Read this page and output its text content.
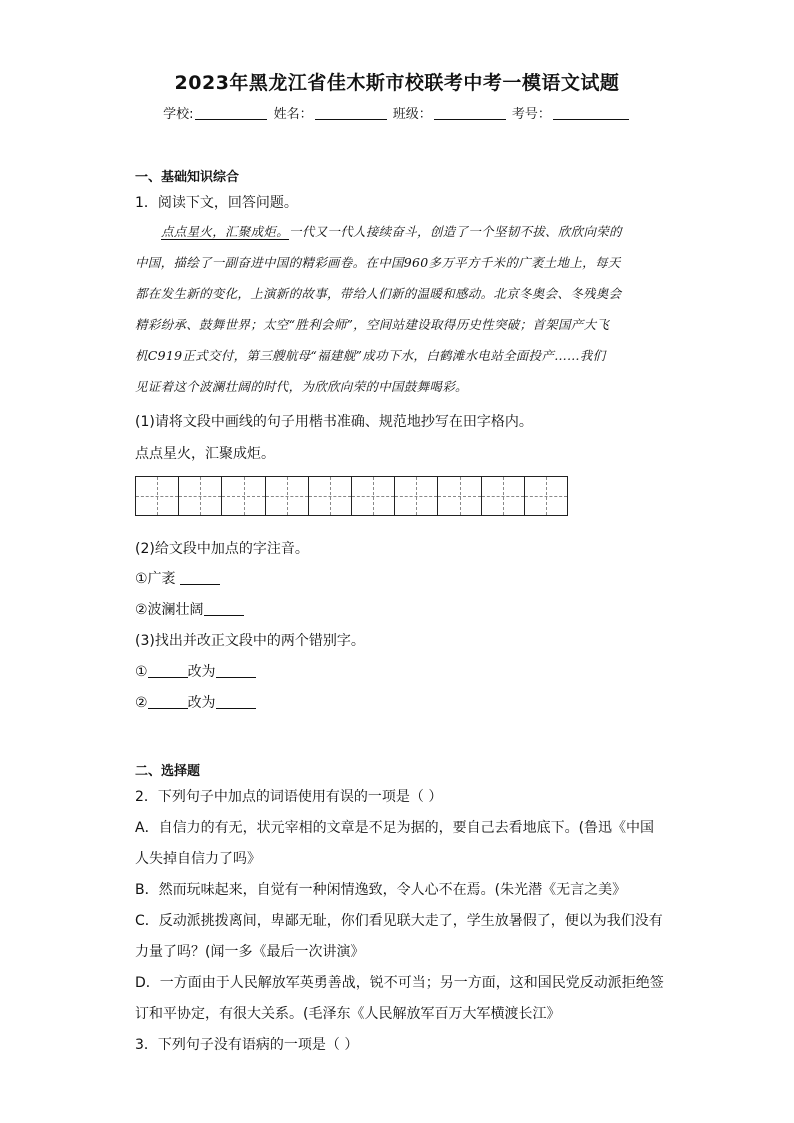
2023年黑龙江省佳木斯市校联考中考一模语文试题
学校:	姓名：	班级：	考号：
一、基础知识综合
1．阅读下文，回答问题。
点点星火，汇聚成炬。一代又一代人接续奋斗，创造了一个坚韧不拔、欣欣向荣的
中国，描绘了一副奋进中国的精彩画卷。在中国960多万平方千米的广袤土地上，每天
都在发生新的变化，上演新的故事，带给人们新的温暖和感动。北京冬奥会、冬残奥会
精彩纷承、鼓舞世界；太空“胜利会师”，空间站建设取得历史性突破；首架国产大飞
机C919正式交付，第三艘航母“福建舰”成功下水，白鹤滩水电站全面投产……我们
见证着这个波澜壮阔的时代，为欣欣向荣的中国鼓舞喝彩。
(1)请将文段中画线的句子用楷书准确、规范地抄写在田字格内。
点点星火，汇聚成炬。
(2)给文段中加点的字注音。
①广袤
②波澜壮阔
(3)找出并改正文段中的两个错别字。
①	改为
②	改为
二、选择题
2．下列句子中加点的词语使用有误的一项是（ ）
A．自信力的有无，状元宰相的文章是不足为据的，要自己去看地底下。(鲁迅《中国
人失掉自信力了吗》
B．然而玩味起来，自觉有一种闲情逸致，令人心不在焉。(朱光潜《无言之美》
C．反动派挑拨离间，卑鄙无耻，你们看见联大走了，学生放暑假了，便以为我们没有
力量了吗？(闻一多《最后一次讲演》
D．一方面由于人民解放军英勇善战，锐不可当；另一方面，这和国民党反动派拒绝签
订和平协定，有很大关系。(毛泽东《人民解放军百万大军横渡长江》
3．下列句子没有语病的一项是（ ）
